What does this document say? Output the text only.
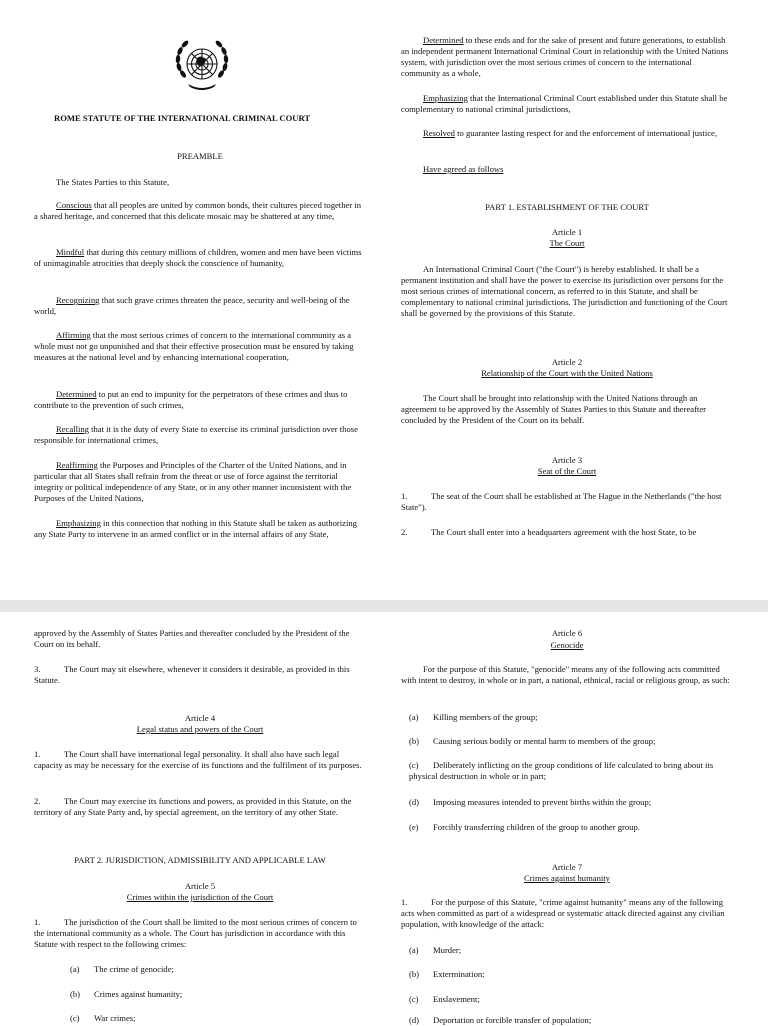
ROME STATUTE OF THE INTERNATIONAL CRIMINAL COURT

PREAMBLE

The States Parties to this Statute,

Conscious that all peoples are united by common bonds, their cultures pieced together in a shared heritage, and concerned that this delicate mosaic may be shattered at any time,

Mindful that during this century millions of children, women and men have been victims of unimaginable atrocities that deeply shock the conscience of humanity,

Recognizing that such grave crimes threaten the peace, security and well-being of the world,

Affirming that the most serious crimes of concern to the international community as a whole must not go unpunished and that their effective prosecution must be ensured by taking measures at the national level and by enhancing international cooperation,

Determined to put an end to impunity for the perpetrators of these crimes and thus to contribute to the prevention of such crimes,

Recalling that it is the duty of every State to exercise its criminal jurisdiction over those responsible for international crimes,

Reaffirming the Purposes and Principles of the Charter of the United Nations, and in particular that all States shall refrain from the threat or use of force against the territorial integrity or political independence of any State, or in any other manner inconsistent with the Purposes of the United Nations,

Emphasizing in this connection that nothing in this Statute shall be taken as authorizing any State Party to intervene in an armed conflict or in the internal affairs of any State,

Determined to these ends and for the sake of present and future generations, to establish an independent permanent International Criminal Court in relationship with the United Nations system, with jurisdiction over the most serious crimes of concern to the international community as a whole,

Emphasizing that the International Criminal Court established under this Statute shall be complementary to national criminal jurisdictions,

Resolved to guarantee lasting respect for and the enforcement of international justice,

Have agreed as follows

PART 1. ESTABLISHMENT OF THE COURT

Article 1

The Court

An International Criminal Court ("the Court") is hereby established. It shall be a permanent institution and shall have the power to exercise its jurisdiction over persons for the most serious crimes of international concern, as referred to in this Statute, and shall be complementary to national criminal jurisdictions. The jurisdiction and functioning of the Court shall be governed by the provisions of this Statute.

Article 2

Relationship of the Court with the United Nations

The Court shall be brought into relationship with the United Nations through an agreement to be approved by the Assembly of States Parties to this Statute and thereafter concluded by the President of the Court on its behalf.

Article 3

Seat of the Court

1.	The seat of the Court shall be established at The Hague in the Netherlands ("the host State").

2.	The Court shall enter into a headquarters agreement with the host State, to be

approved by the Assembly of States Parties and thereafter concluded by the President of the Court on its behalf.

3.	The Court may sit elsewhere, whenever it considers it desirable, as provided in this Statute.

Article 4

Legal status and powers of the Court

1.	The Court shall have international legal personality. It shall also have such legal capacity as may be necessary for the exercise of its functions and the fulfilment of its purposes.

2.	The Court may exercise its functions and powers, as provided in this Statute, on the territory of any State Party and, by special agreement, on the territory of any other State.

PART 2. JURISDICTION, ADMISSIBILITY AND APPLICABLE LAW

Article 5

Crimes within the jurisdiction of the Court

1.	The jurisdiction of the Court shall be limited to the most serious crimes of concern to the international community as a whole. The Court has jurisdiction in accordance with this Statute with respect to the following crimes:

(a) The crime of genocide;

(b) Crimes against humanity;

(c) War crimes;

Article 6

Genocide

For the purpose of this Statute, "genocide" means any of the following acts committed with intent to destroy, in whole or in part, a national, ethnical, racial or religious group, as such:

(a) Killing members of the group;

(b) Causing serious bodily or mental harm to members of the group;

(c) Deliberately inflicting on the group conditions of life calculated to bring about its physical destruction in whole or in part;

(d) Imposing measures intended to prevent births within the group;

(e) Forcibly transferring children of the group to another group.

Article 7

Crimes against humanity

1.	For the purpose of this Statute, "crime against humanity" means any of the following acts when committed as part of a widespread or systematic attack directed against any civilian population, with knowledge of the attack:

(a) Murder;

(b) Extermination;

(c) Enslavement;

(d) Deportation or forcible transfer of population;
